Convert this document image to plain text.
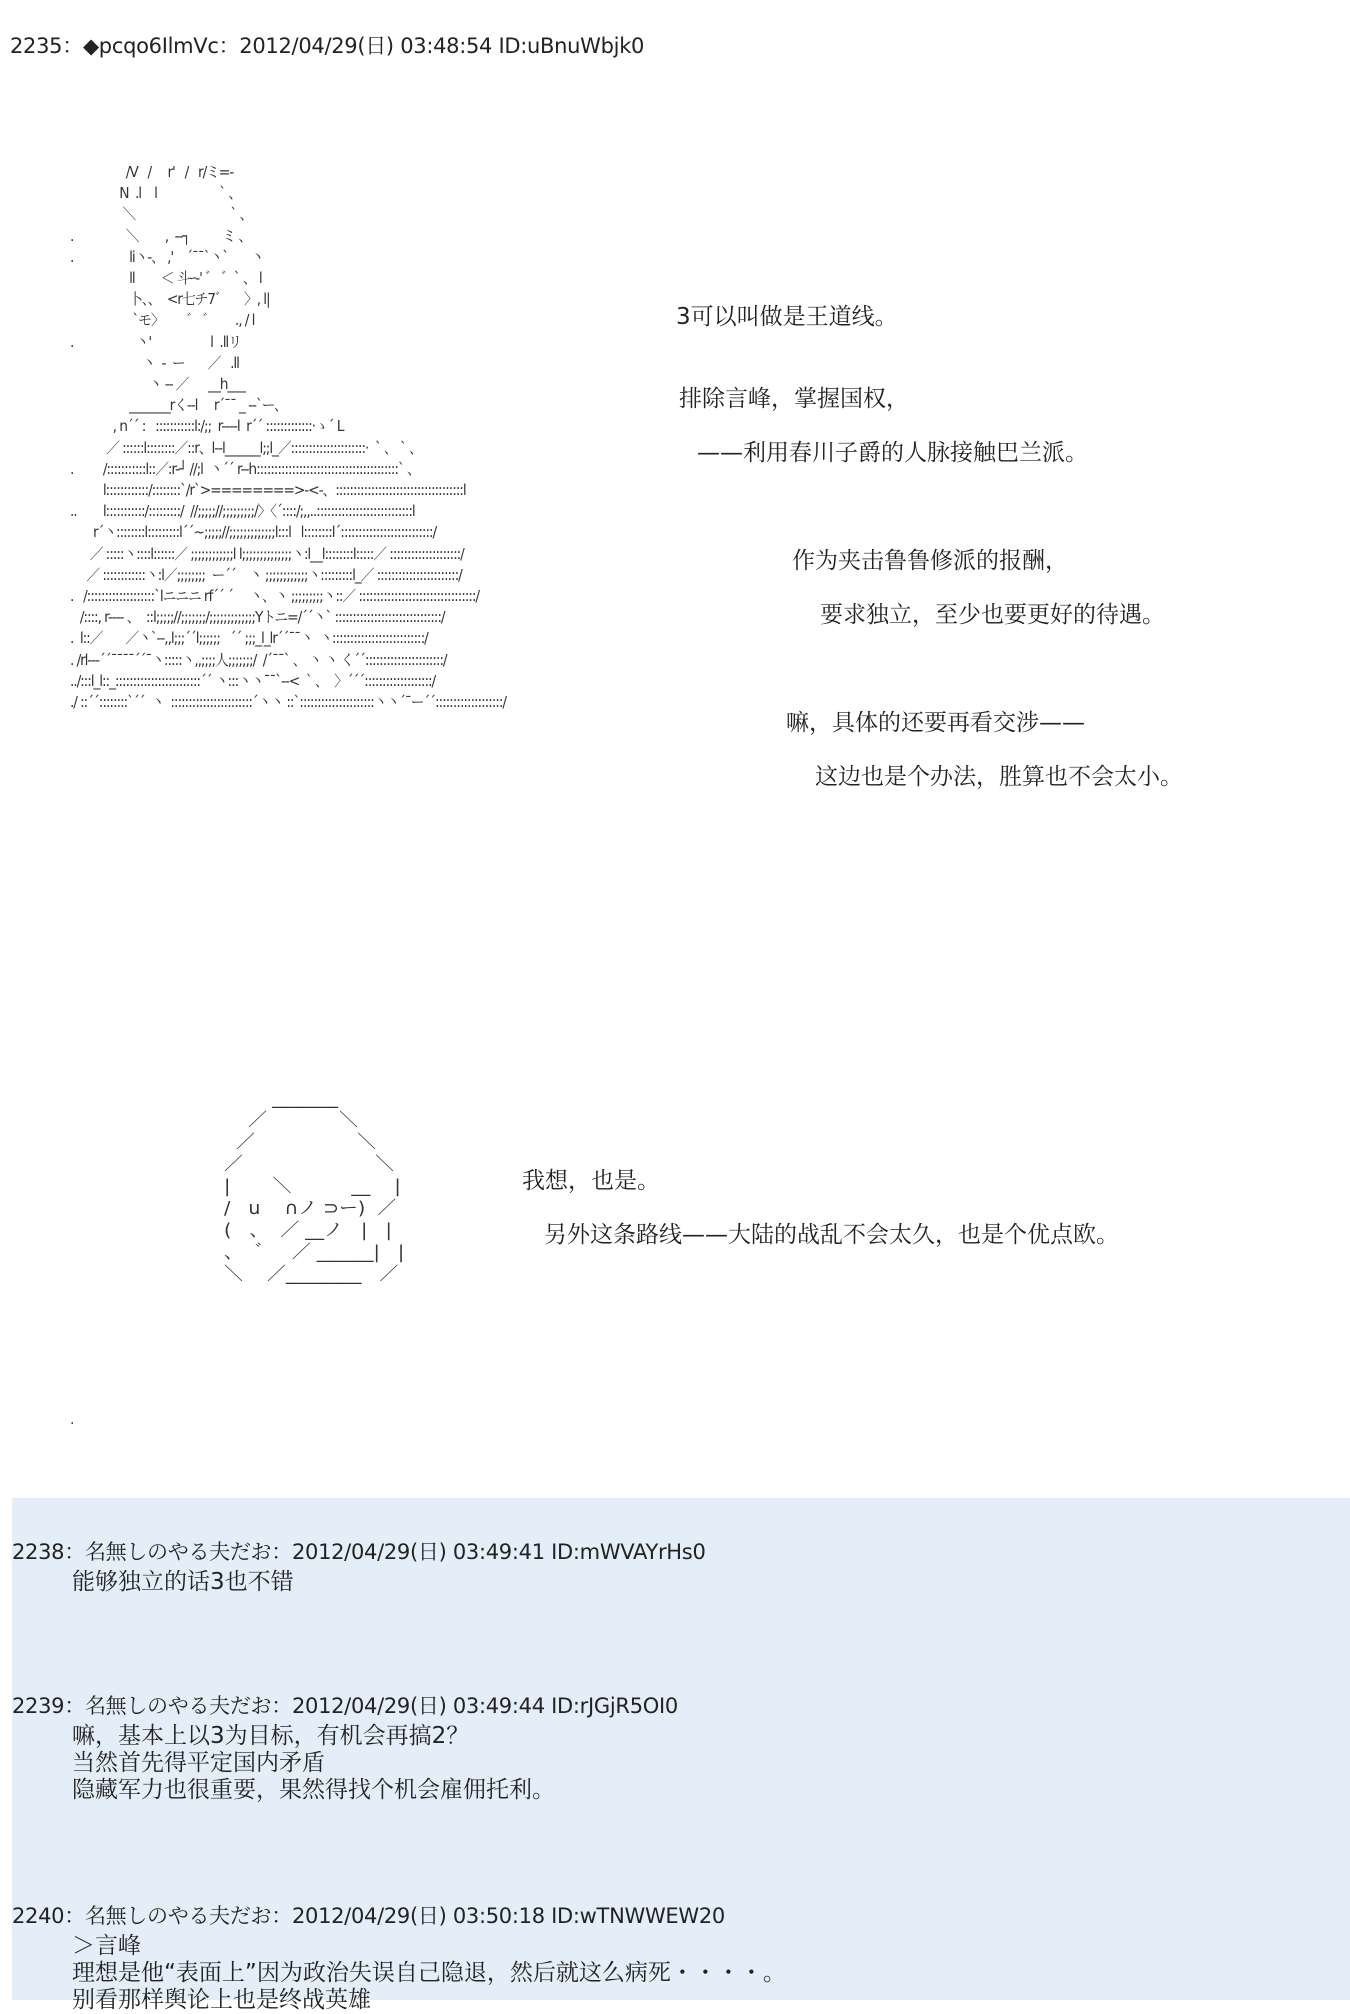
2235：◆pcqo6IlmVc：2012/04/29(日) 03:48:54 ID:uBnuWbjk0
/V   /     r'   /   r/ミ=-
N  .l    l                   ` 、
＼                             ` 、
.                ＼        ,  --┐          ミ 、
.                 li丶-、 ,'    ´¯¯`丶`       丶
ll        ＜ 斗ｰ-' ゛ ゛` 、 l
卜、、  <r七チ7゛     〉, l|
`モ〉       ゛ ゛      ., / l
.                   丶'                  l  .llリ
丶  -  ー       ／   .ll
丶 -- ／      __h___
_______rく--l     r´¯¯ _ --`ー、
, n´´ :   :::::::::::l:/;;  r----l  r´´ :::::::::::::·ゝ´ L
／ ::::::l::::::::／::r、l--l______l;;l_／:::::::::::::::::::::·  ` 、 ` 、
.         /:::::::::::l::／:r-┘ //;l  丶´´ r--h::::::::::::::::::::::::::::::::::::::::` 、
l::::::::::::/::::::::`/r`>========>-<-、::::::::::::::::::::::::::::::::::::l
..        l:::::::::::/:::::::::/  //;;;;;//;;;;;;;;;/〉〈´::::/;,,..:::::::::::::::::::::::::::l
r´丶::::::::l:::::::::l´´~;;;;;//;;;;;;;;;;;;;l:::l   l::::::::l´::::::::::::::::::::::::::/
／ :::::丶::::l::::::／ ;;;;;;;;;;;;l l;;;;;;;;;;;;;;丶:l__l::::::::l:::::／ ::::::::::::::::::::/
／ ::::::::::::丶:l／;;;;;;;;  ー´´    丶 ;;;;;;;;;;;;丶:::::::::l_／ :::::::::::::::::::::::/
.   /:::::::::::::::::::`lニニニ rf´´ ´     丶、丶 ;;;;;;;;;丶::／ :::::::::::::::::::::::::::::::::/
/::::, r---- 、  ::l;;;;;//;;;;;;;/;;;;;;;;;;;;;Yトニ=/´´丶` ::::::::::::::::::::::::::::::/
.  l::／       ／丶`--,,l;;;´´l;;;;;;   ´´ ;;;_l_lr´´¯¯丶  丶::::::::::::::::::::::::::/
. /rl---´´¯¯¯¯´´¯丶:::::丶,,;;;;人;;;;;;;/  /´¯¯` 、 丶 丶 く´´::::::::::::::::::::::/
../:::l_l::_::::::::::::::::::::::::´´ 丶:::丶丶¯¯`--<  ` 、  〉´´´:::::::::::::::::::/
./ ::´´::::::::`´´  丶  :::::::::::::::::::::::´丶丶 ::`:::::::::::::::::::::丶丶´¯ー´´:::::::::::::::::::/
3可以叫做是王道线。
排除言峰，掌握国权，
——利用春川子爵的人脉接触巴兰派。
作为夹击鲁鲁修派的报酬，
要求独立，至少也要更好的待遇。
嘛，具体的还要再看交涉——
这边也是个办法，胜算也不会太小。
_______
／            ＼
／                 ＼
／                      ＼
|       ＼          __    |
/   u    ∩ノ ⊃ー)  ／
(   、  ／ __ノ   |   |
、  ゛   ／ ______|   |
＼    ／________   ／
我想，也是。
另外这条路线——大陆的战乱不会太久，也是个优点欧。
.
2238：名無しのやる夫だお：2012/04/29(日) 03:49:41 ID:mWVAYrHs0
能够独立的话3也不错
2239：名無しのやる夫だお：2012/04/29(日) 03:49:44 ID:rJGjR5OI0
嘛，基本上以3为目标，有机会再搞2？
当然首先得平定国内矛盾
隐藏军力也很重要，果然得找个机会雇佣托利。
2240：名無しのやる夫だお：2012/04/29(日) 03:50:18 ID:wTNWWEW20
＞言峰
理想是他“表面上”因为政治失误自己隐退，然后就这么病死・・・・。
别看那样舆论上也是终战英雄
